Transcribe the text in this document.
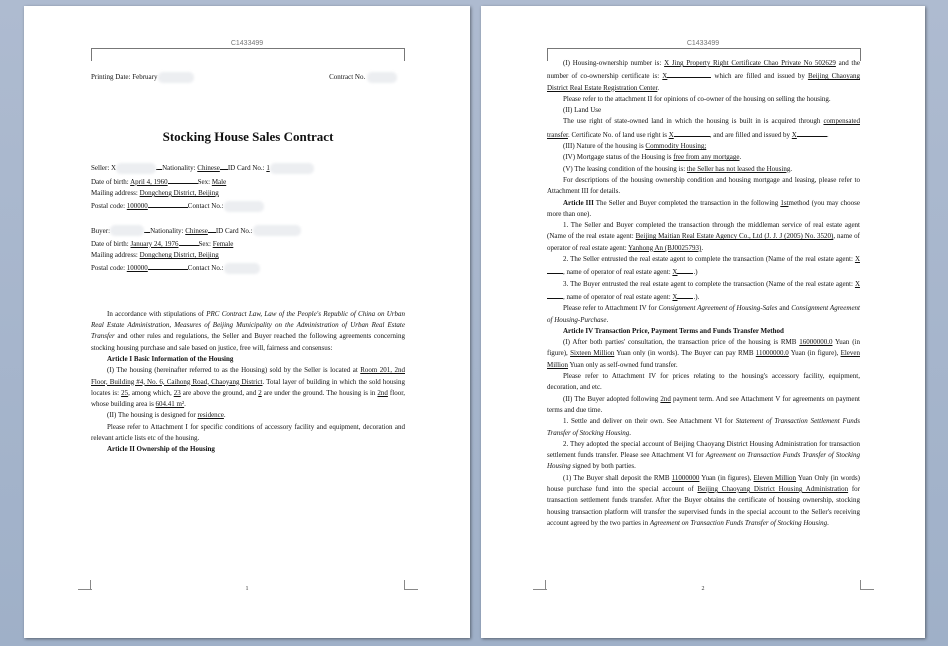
C1433499
Printing Date: February	Contract No.
Stocking House Sales Contract
Seller: X	Nationality: Chinese ID Card No.: 1
Date of birth: April 4, 1960	Sex: Male
Mailing address: Dongcheng District, Beijing
Postal code: 100000	Contact No.:
Buyer:	Nationality: Chinese ID Card No.:
Date of birth: January 24, 1976	Sex: Female
Mailing address: Dongcheng District, Beijing
Postal code: 100000	Contact No.:

In accordance with stipulations of PRC Contract Law, Law of the People's Republic of China on Urban Real Estate Administration, Measures of Beijing Municipality on the Administration of Urban Real Estate Transfer and other rules and regulations, the Seller and Buyer reached the following agreements concerning stocking housing purchase and sale based on justice, free will, fairness and consensus:

Article I Basic Information of the Housing

(I) The housing (hereinafter referred to as the Housing) sold by the Seller is located at Room 201, 2nd Floor, Building #4, No. 6, Caihong Road, Chaoyang District. Total layer of building in which the sold housing locates is: 25, among which, 23 are above the ground, and 2 are under the ground. The housing is in 2nd floor, whose building area is 604.41 m².

(II) The housing is designed for residence.

Please refer to Attachment I for specific conditions of accessory facility and equipment, decoration and relevant article lists etc of the housing.

Article II Ownership of the Housing

1
C1433499

(I) Housing-ownership number is: X Jing Property Right Certificate Chao Private No 502629 and the number of co-ownership certificate is: X	which are filled and issued by Beijing Chaoyang District Real Estate Registration Center.

Please refer to the attachment II for opinions of co-owner of the housing on selling the housing.

(II) Land Use

The use right of state-owned land in which the housing is built in is acquired through compensated transfer. Certificate No. of land use right is X	, and are filled and issued by X	.

(III) Nature of the housing is Commodity Housing;

(IV) Mortgage status of the Housing is free from any mortgage.

(V) The leasing condition of the housing is: the Seller has not leased the Housing.

For descriptions of the housing ownership condition and housing mortgage and leasing, please refer to Attachment III for details.

Article III The Seller and Buyer completed the transaction in the following 1stmethod (you may choose more than one).

1. The Seller and Buyer completed the transaction through the middleman service of real estate agent (Name of the real estate agent: Beijing Maitian Real Estate Agency Co., Ltd (J. J. J (2005) No. 3520), name of operator of real estate agent: Yanhong An (BJ0025793).

2. The Seller entrusted the real estate agent to complete the transaction (Name of the real estate agent: X, name of operator of real estate agent: X .)

3. The Buyer entrusted the real estate agent to complete the transaction (Name of the real estate agent: X, name of operator of real estate agent: X .).

Please refer to Attachment IV for Consignment Agreement of Housing-Sales and Consignment Agreement of Housing-Purchase.

Article IV Transaction Price, Payment Terms and Funds Transfer Method

(I) After both parties' consultation, the transaction price of the housing is RMB 16000000.0 Yuan (in figure), Sixteen Million Yuan only (in words). The Buyer can pay RMB 11000000.0 Yuan (in figure), Eleven Million Yuan only as self-owned fund transfer.

Please refer to Attachment IV for prices relating to the housing's accessory facility, equipment, decoration, and etc.

(II) The Buyer adopted following 2nd payment term. And see Attachment V for agreements on payment terms and due time.

1. Settle and deliver on their own. See Attachment VI for Statement of Transaction Settlement Funds Transfer of Stocking Housing.

2. They adopted the special account of Beijing Chaoyang District Housing Administration for transaction settlement funds transfer. Please see Attachment VI for Agreement on Transaction Funds Transfer of Stocking Housing signed by both parties.

(1) The Buyer shall deposit the RMB 11000000 Yuan (in figures), Eleven Million Yuan Only (in words) house purchase fund into the special account of Beijing Chaoyang District Housing Administration for transaction settlement funds transfer. After the Buyer obtains the certificate of housing ownership, stocking housing transaction platform will transfer the supervised funds in the special account to the Seller's receiving account agreed by the two parties in Agreement on Transaction Funds Transfer of Stocking Housing.

2
